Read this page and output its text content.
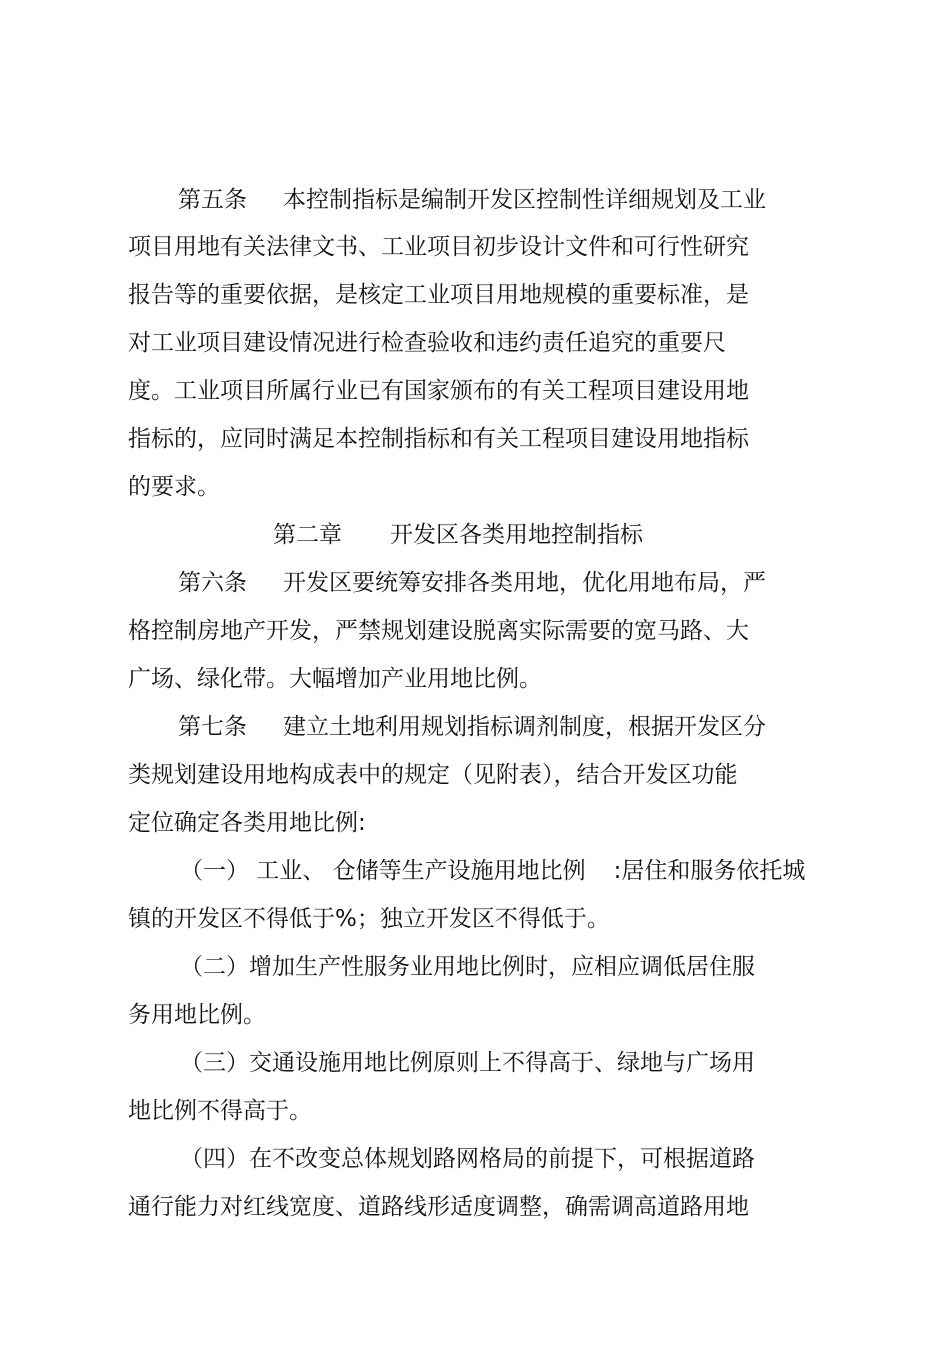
第五条 本控制指标是编制开发区控制性详细规划及工业
项目用地有关法律文书、工业项目初步设计文件和可行性研究
报告等的重要依据，是核定工业项目用地规模的重要标准，是
对工业项目建设情况进行检查验收和违约责任追究的重要尺
度。工业项目所属行业已有国家颁布的有关工程项目建设用地
指标的，应同时满足本控制指标和有关工程项目建设用地指标
的要求。
第二章 开发区各类用地控制指标
第六条 开发区要统筹安排各类用地，优化用地布局，严
格控制房地产开发，严禁规划建设脱离实际需要的宽马路、大
广场、绿化带。大幅增加产业用地比例。
第七条 建立土地利用规划指标调剂制度，根据开发区分
类规划建设用地构成表中的规定（见附表），结合开发区功能
定位确定各类用地比例:
（一） 工业、 仓储等生产设施用地比例 :居住和服务依托城
镇的开发区不得低于%；独立开发区不得低于。
（二）增加生产性服务业用地比例时，应相应调低居住服
务用地比例。
（三）交通设施用地比例原则上不得高于、绿地与广场用
地比例不得高于。
（四）在不改变总体规划路网格局的前提下，可根据道路
通行能力对红线宽度、道路线形适度调整，确需调高道路用地
